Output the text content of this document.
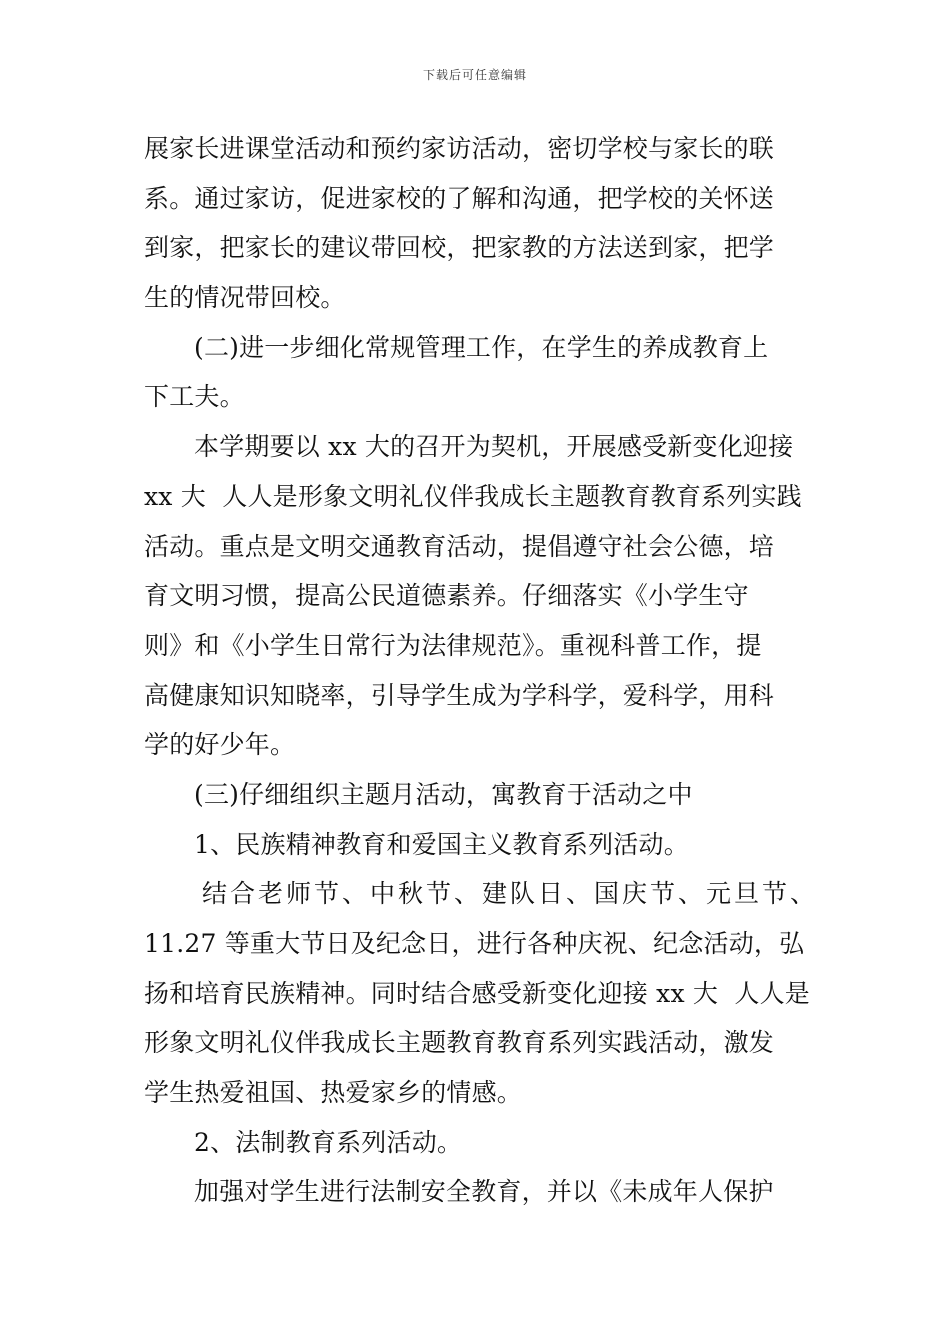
下载后可任意编辑
展家长进课堂活动和预约家访活动，密切学校与家长的联
系。通过家访，促进家校的了解和沟通，把学校的关怀送
到家，把家长的建议带回校，把家教的方法送到家，把学
生的情况带回校。
(二)进一步细化常规管理工作，在学生的养成教育上
下工夫。
本学期要以 xx 大的召开为契机，开展感受新变化迎接
xx 大  人人是形象文明礼仪伴我成长主题教育教育系列实践
活动。重点是文明交通教育活动，提倡遵守社会公德，培
育文明习惯，提高公民道德素养。仔细落实《小学生守
则》和《小学生日常行为法律规范》。重视科普工作，提
高健康知识知晓率，引导学生成为学科学，爱科学，用科
学的好少年。
(三)仔细组织主题月活动，寓教育于活动之中
1、民族精神教育和爱国主义教育系列活动。
结合老师节、中秋节、建队日、国庆节、元旦节、
11.27 等重大节日及纪念日，进行各种庆祝、纪念活动，弘
扬和培育民族精神。同时结合感受新变化迎接 xx 大  人人是
形象文明礼仪伴我成长主题教育教育系列实践活动，激发
学生热爱祖国、热爱家乡的情感。
2、法制教育系列活动。
加强对学生进行法制安全教育，并以《未成年人保护
